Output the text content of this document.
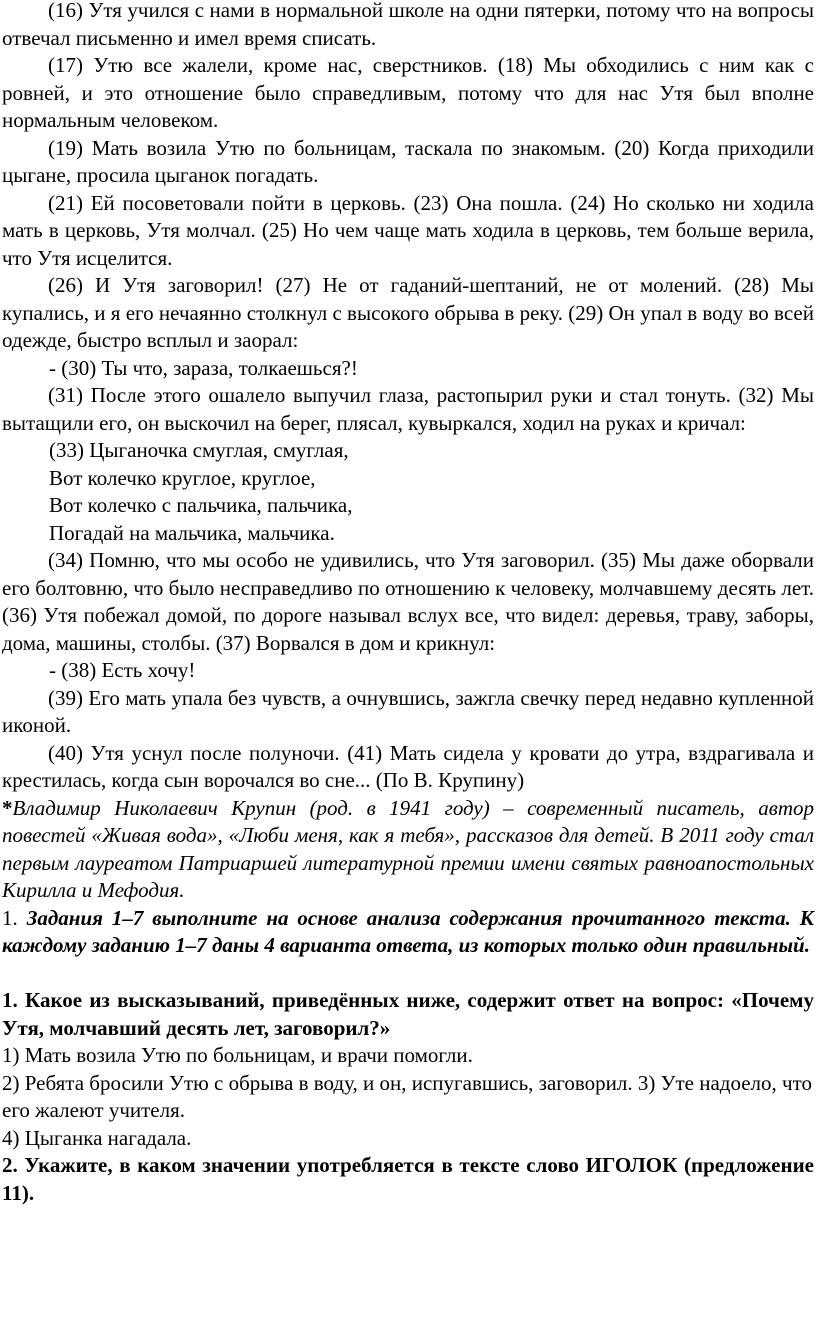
(16) Утя учился с нами в нормальной школе на одни пятерки, потому что на вопросы отвечал письменно и имел время списать.

(17) Утю все жалели, кроме нас, сверстников. (18) Мы обходились с ним как с ровней, и это отношение было справедливым, потому что для нас Утя был вполне нормальным человеком.

(19) Мать возила Утю по больницам, таскала по знакомым. (20) Когда приходили цыгане, просила цыганок погадать.

(21) Ей посоветовали пойти в церковь. (23) Она пошла. (24) Но сколько ни ходила мать в церковь, Утя молчал. (25) Но чем чаще мать ходила в церковь, тем больше верила, что Утя исцелится.

(26) И Утя заговорил! (27) Не от гаданий-шептаний, не от молений. (28) Мы купались, и я его нечаянно столкнул с высокого обрыва в реку. (29) Он упал в воду во всей одежде, быстро всплыл и заорал:

- (30) Ты что, зараза, толкаешься?!

(31) После этого ошалело выпучил глаза, растопырил руки и стал тонуть. (32) Мы вытащили его, он выскочил на берег, плясал, кувыркался, ходил на руках и кричал:

(33) Цыганочка смуглая, смуглая,

Вот колечко круглое, круглое,

Вот колечко с пальчика, пальчика,

Погадай на мальчика, мальчика.

(34) Помню, что мы особо не удивились, что Утя заговорил. (35) Мы даже оборвали его болтовню, что было несправедливо по отношению к человеку, молчавшему десять лет.(36) Утя побежал домой, по дороге называл вслух все, что видел: деревья, траву, заборы, дома, машины, столбы. (37) Ворвался в дом и крикнул:

- (38) Есть хочу!

(39) Его мать упала без чувств, а очнувшись, зажгла свечку перед недавно купленной иконой.

(40) Утя уснул после полуночи. (41) Мать сидела у кровати до утра, вздрагивала и крестилась, когда сын ворочался во сне... (По В. Крупину)

*Владимир Николаевич Крупин (род. в 1941 году) – современный писатель, автор повестей «Живая вода», «Люби меня, как я тебя», рассказов для детей. В 2011 году стал первым лауреатом Патриаршей литературной премии имени святых равноапостольных Кирилла и Мефодия.

1. Задания 1–7 выполните на основе анализа содержания прочитанного текста. К каждому заданию 1–7 даны 4 варианта ответа, из которых только один правильный.

1. Какое из высказываний, приведённых ниже, содержит ответ на вопрос: «Почему Утя, молчавший десять лет, заговорил?»

1) Мать возила Утю по больницам, и врачи помогли.

2) Ребята бросили Утю с обрыва в воду, и он, испугавшись, заговорил. 3) Уте надоело, что его жалеют учителя.

4) Цыганка нагадала.

2. Укажите, в каком значении употребляется в тексте слово ИГОЛОК (предложение 11).
